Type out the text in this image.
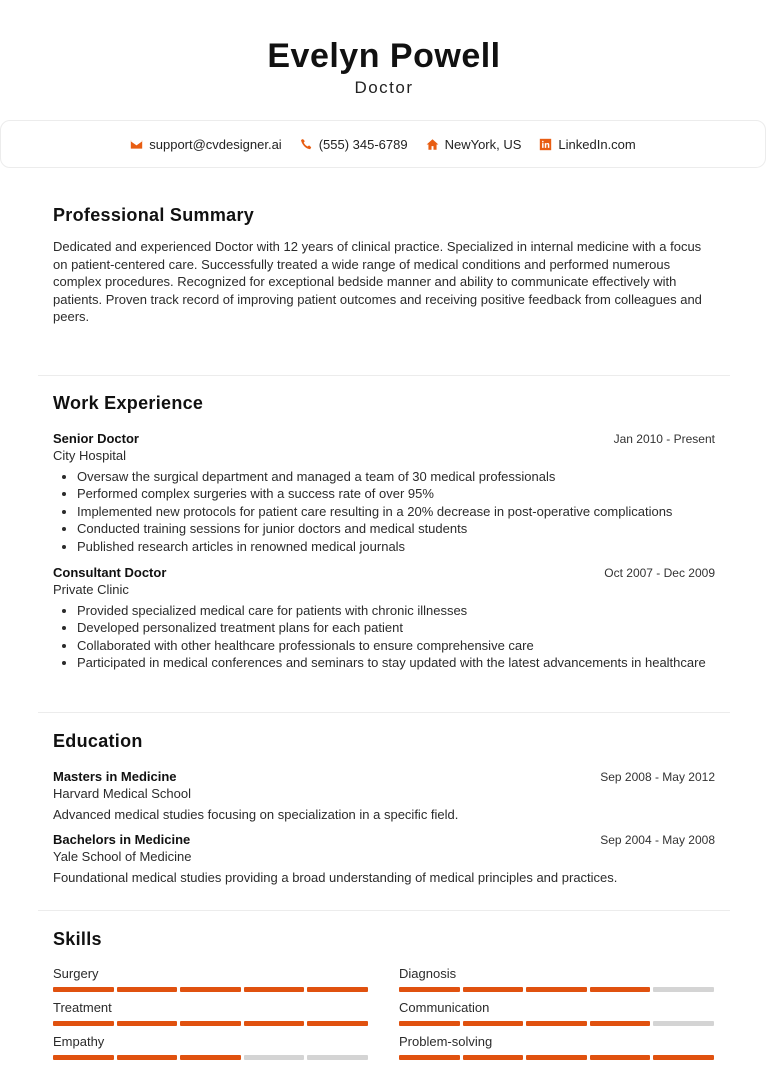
Evelyn Powell
Doctor
support@cvdesigner.ai	(555) 345-6789	NewYork, US	LinkedIn.com
Professional Summary

Dedicated and experienced Doctor with 12 years of clinical practice. Specialized in internal medicine with a focus on patient-centered care. Successfully treated a wide range of medical conditions and performed numerous complex procedures. Recognized for exceptional bedside manner and ability to communicate effectively with patients. Proven track record of improving patient outcomes and receiving positive feedback from colleagues and peers.

Work Experience
Senior Doctor	Jan 2010 - Present
City Hospital
• Oversaw the surgical department and managed a team of 30 medical professionals
• Performed complex surgeries with a success rate of over 95%
• Implemented new protocols for patient care resulting in a 20% decrease in post-operative complications
• Conducted training sessions for junior doctors and medical students
• Published research articles in renowned medical journals
Consultant Doctor	Oct 2007 - Dec 2009
Private Clinic
• Provided specialized medical care for patients with chronic illnesses
• Developed personalized treatment plans for each patient
• Collaborated with other healthcare professionals to ensure comprehensive care
• Participated in medical conferences and seminars to stay updated with the latest advancements in healthcare
Education
Masters in Medicine	Sep 2008 - May 2012
Harvard Medical School
Advanced medical studies focusing on specialization in a specific field.
Bachelors in Medicine	Sep 2004 - May 2008
Yale School of Medicine
Foundational medical studies providing a broad understanding of medical principles and practices.
Skills
Surgery	Diagnosis
Treatment	Communication
Empathy	Problem-solving
